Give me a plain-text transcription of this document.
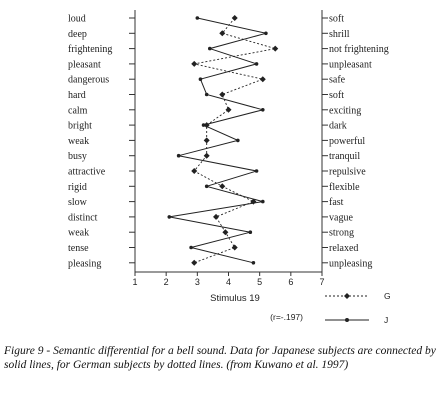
loud
deep
frightening
pleasant
dangerous
hard
calm
bright
weak
busy
attractive
rigid
slow
distinct
weak
tense
pleasing
soft
shrill
not frightening
unpleasant
safe
soft
exciting
dark
powerful
tranquil
repulsive
flexible
fast
vague
strong
relaxed
unpleasing
1	2	3	4	5	6	7
Stimulus 19	G
J
(r=-.197)

Figure 9 - Semantic differential for a bell sound. Data for Japanese subjects are connected by solid lines, for German subjects by dotted lines. (from Kuwano et al. 1997)
